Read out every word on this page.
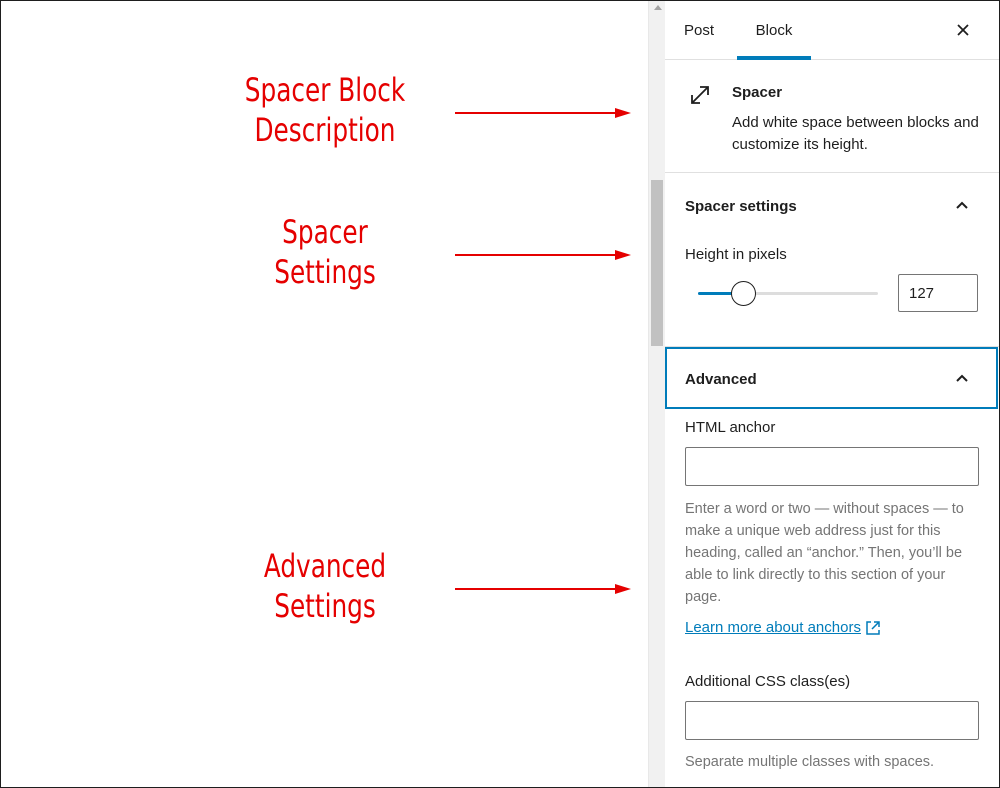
Spacer Block
Description
Spacer
Settings
Advanced
Settings
Post	Block
Spacer
Add white space between blocks and customize its height.
Spacer settings
Height in pixels
127
Advanced
HTML anchor
Enter a word or two — without spaces — to make a unique web address just for this heading, called an “anchor.” Then, you’ll be able to link directly to this section of your page.
Learn more about anchors
Additional CSS class(es)
Separate multiple classes with spaces.
